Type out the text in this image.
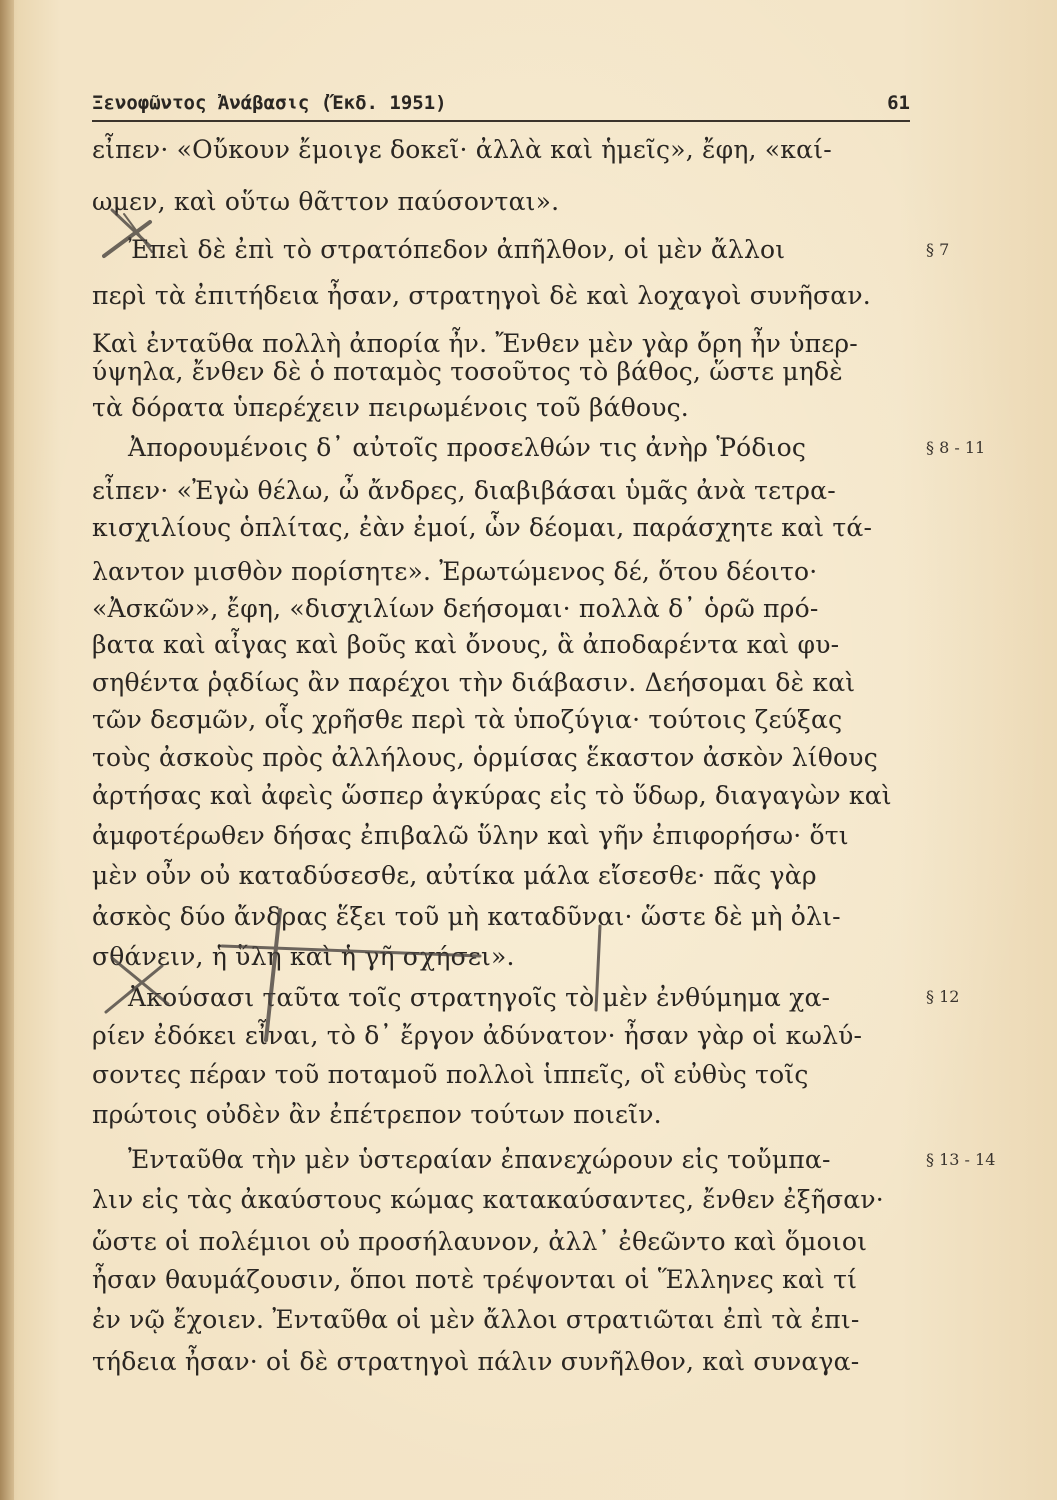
Ξενοφῶντος Ἀνάβασις (Ἔκδ. 1951)	61
εἶπεν· «Οὔκουν ἔμοιγε δοκεῖ· ἀλλὰ καὶ ἡμεῖς», ἔφη, «καί-
ωμεν, καὶ οὕτω θᾶττον παύσονται».
Ἐπεὶ δὲ ἐπὶ τὸ στρατόπεδον ἀπῆλθον, οἱ μὲν ἄλλοι
περὶ τὰ ἐπιτήδεια ἦσαν, στρατηγοὶ δὲ καὶ λοχαγοὶ συνῆσαν.
Καὶ ἐνταῦθα πολλὴ ἀπορία ἦν. Ἔνθεν μὲν γὰρ ὄρη ἦν ὑπερ-
ύψηλα, ἔνθεν δὲ ὁ ποταμὸς τοσοῦτος τὸ βάθος, ὥστε μηδὲ
τὰ δόρατα ὑπερέχειν πειρωμένοις τοῦ βάθους.
Ἀπορουμένοις δ᾽ αὐτοῖς προσελθών τις ἀνὴρ Ῥόδιος
εἶπεν· «Ἐγὼ θέλω, ὦ ἄνδρες, διαβιβάσαι ὑμᾶς ἀνὰ τετρα-
κισχιλίους ὁπλίτας, ἐὰν ἐμοί, ὧν δέομαι, παράσχητε καὶ τά-
λαντον μισθὸν πορίσητε». Ἐρωτώμενος δέ, ὅτου δέοιτο·
«Ἀσκῶν», ἔφη, «δισχιλίων δεήσομαι· πολλὰ δ᾽ ὁρῶ πρό-
βατα καὶ αἶγας καὶ βοῦς καὶ ὄνους, ἃ ἀποδαρέντα καὶ φυ-
σηθέντα ῥᾳδίως ἂν παρέχοι τὴν διάβασιν. Δεήσομαι δὲ καὶ
τῶν δεσμῶν, οἷς χρῆσθε περὶ τὰ ὑποζύγια· τούτοις ζεύξας
τοὺς ἀσκοὺς πρὸς ἀλλήλους, ὁρμίσας ἕκαστον ἀσκὸν λίθους
ἀρτήσας καὶ ἀφεὶς ὥσπερ ἀγκύρας εἰς τὸ ὕδωρ, διαγαγὼν καὶ
ἀμφοτέρωθεν δήσας ἐπιβαλῶ ὕλην καὶ γῆν ἐπιφορήσω· ὅτι
μὲν οὖν οὐ καταδύσεσθε, αὐτίκα μάλα εἴσεσθε· πᾶς γὰρ
ἀσκὸς δύο ἄνδρας ἕξει τοῦ μὴ καταδῦναι· ὥστε δὲ μὴ ὀλι-
σθάνειν, ἡ ὕλη καὶ ἡ γῆ σχήσει».
Ἀκούσασι ταῦτα τοῖς στρατηγοῖς τὸ μὲν ἐνθύμημα χα-
ρίεν ἐδόκει εἶναι, τὸ δ᾽ ἔργον ἀδύνατον· ἦσαν γὰρ οἱ κωλύ-
σοντες πέραν τοῦ ποταμοῦ πολλοὶ ἱππεῖς, οἳ εὐθὺς τοῖς
πρώτοις οὐδὲν ἂν ἐπέτρεπον τούτων ποιεῖν.
Ἐνταῦθα τὴν μὲν ὑστεραίαν ἐπανεχώρουν εἰς τοὔμπα-
λιν εἰς τὰς ἀκαύστους κώμας κατακαύσαντες, ἔνθεν ἐξῆσαν·
ὥστε οἱ πολέμιοι οὐ προσήλαυνον, ἀλλ᾽ ἐθεῶντο καὶ ὅμοιοι
ἦσαν θαυμάζουσιν, ὅποι ποτὲ τρέψονται οἱ Ἕλληνες καὶ τί
ἐν νῷ ἔχοιεν. Ἐνταῦθα οἱ μὲν ἄλλοι στρατιῶται ἐπὶ τὰ ἐπι-
τήδεια ἦσαν· οἱ δὲ στρατηγοὶ πάλιν συνῆλθον, καὶ συναγα-
§ 7
§ 8 - 11
§ 12
§ 13 - 14
